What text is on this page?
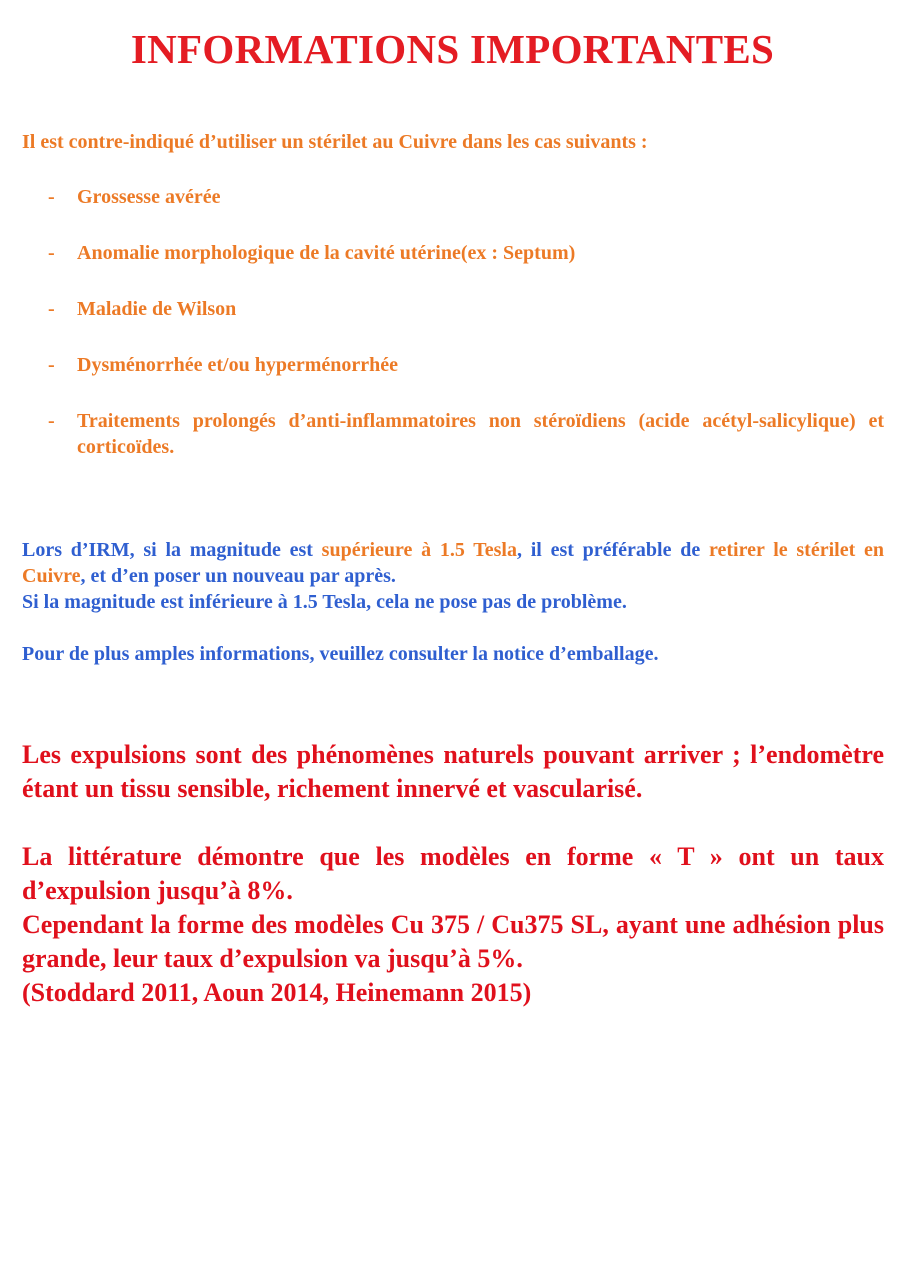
INFORMATIONS IMPORTANTES

Il est contre-indiqué d’utiliser un stérilet au Cuivre dans les cas suivants :

- Grossesse avérée
- Anomalie morphologique de la cavité utérine(ex : Septum)
- Maladie de Wilson
- Dysménorrhée et/ou hyperménorrhée
- Traitements prolongés d’anti-inflammatoires non stéroïdiens (acide acétyl-salicylique) et corticoïdes.

Lors d’IRM, si la magnitude est supérieure à 1.5 Tesla, il est préférable de retirer le stérilet en Cuivre, et d’en poser un nouveau par après.

Si la magnitude est inférieure à 1.5 Tesla, cela ne pose pas de problème.

Pour de plus amples informations, veuillez consulter la notice d’emballage.

Les expulsions sont des phénomènes naturels pouvant arriver ; l’endomètre étant un tissu sensible, richement innervé et vascularisé.

La littérature démontre que les modèles en forme « T » ont un taux d’expulsion jusqu’à 8%.

Cependant la forme des modèles Cu 375 / Cu375 SL, ayant une adhésion plus grande, leur taux d’expulsion va jusqu’à 5%.

(Stoddard 2011, Aoun 2014, Heinemann 2015)
